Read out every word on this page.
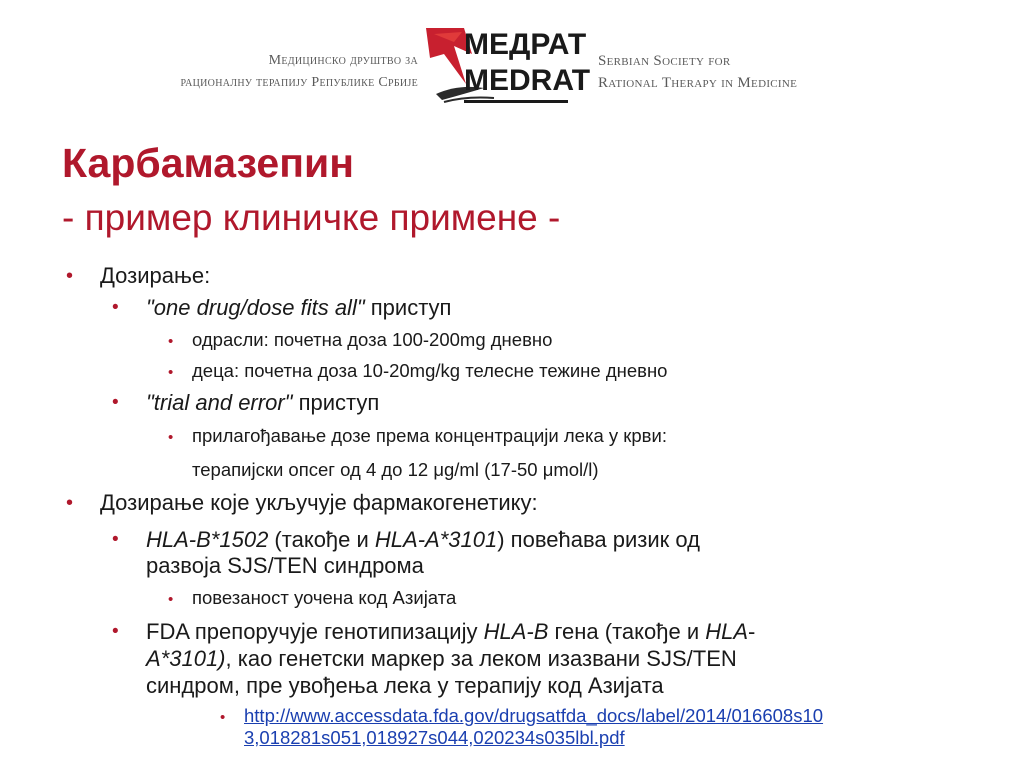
Медицинско друштво за
рационалну терапију Републике Србије
МЕДРАТ
MEDRAT
Serbian Society for
Rational Therapy in Medicine
Карбамазепин
- пример клиничке примене -
• Дозирање:
• "one drug/dose fits all" приступ
• одрасли: почетна доза 100-200mg дневно
• деца: почетна доза 10-20mg/kg телесне тежине дневно
• "trial and error" приступ
• прилагођавање дозе према концентрацији лека у крви:
терапијски опсег од 4 до 12 μg/ml (17-50 μmol/l)
• Дозирање које укључује фармакогенетику:
• HLA-B*1502 (такође и HLA-A*3101) повећава ризик од
развоја SJS/TEN синдрома
• повезаност уочена код Азијата
• FDA препоручује генотипизацију HLA-B гена (такође и HLA-
A*3101), као генетски маркер за леком изазвани SJS/TEN
синдром, пре увођења лека у терапију код Азијата
• http://www.accessdata.fda.gov/drugsatfda_docs/label/2014/016608s10
3,018281s051,018927s044,020234s035lbl.pdf
